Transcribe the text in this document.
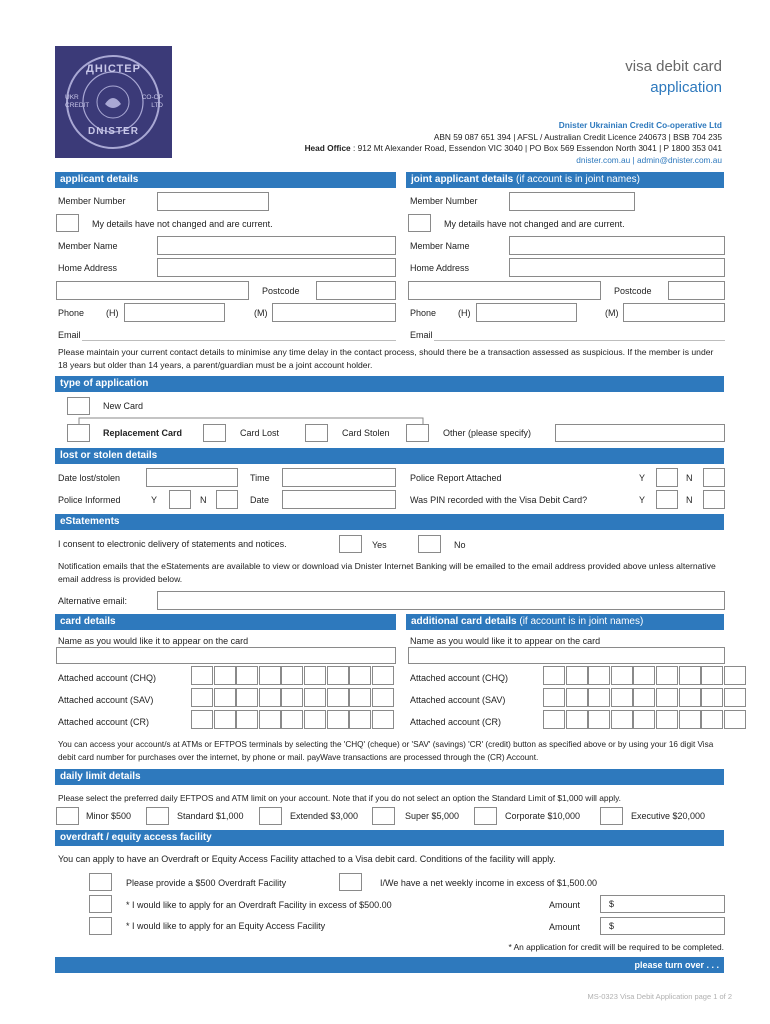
ДНІСТЕР
UKR CREDIT
CO-OP LTD
DNISTER
visa debit card
application
Dnister Ukrainian Credit Co-operative Ltd
ABN 59 087 651 394 | AFSL / Australian Credit Licence 240673 | BSB 704 235
Head Office : 912 Mt Alexander Road, Essendon VIC 3040 | PO Box 569 Essendon North 3041 | P 1800 353 041
dnister.com.au | admin@dnister.com.au
applicant details	joint applicant details (if account is in joint names)
Member Number
My details have not changed and are current.
Member Name
Home Address
Postcode
Phone (H)	(M)
Email
Member Number
My details have not changed and are current.
Member Name
Home Address
Postcode
Phone (H)	(M)
Email
Please maintain your current contact details to minimise any time delay in the contact process, should there be a transaction assessed as suspicious. If the member is under 18 years but older than 14 years, a parent/guardian must be a joint account holder.
type of application
New Card
Replacement Card	Card Lost	Card Stolen	Other (please specify)
lost or stolen details
Date lost/stolen	Time
Police Informed	Y	N	Date
Police Report Attached	Y	N
Was PIN recorded with the Visa Debit Card?	Y	N
eStatements
I consent to electronic delivery of statements and notices.	Yes	No
Notification emails that the eStatements are available to view or download via Dnister Internet Banking will be emailed to the email address provided above unless alternative email address is provided below.
Alternative email:
card details	additional card details (if account is in joint names)
Name as you would like it to appear on the card	Name as you would like it to appear on the card
Attached account (CHQ)
Attached account (SAV)
Attached account (CR)
Attached account (CHQ)
Attached account (SAV)
Attached account (CR)
You can access your account/s at ATMs or EFTPOS terminals by selecting the 'CHQ' (cheque) or 'SAV' (savings) 'CR' (credit) button as specified above or by using your 16 digit Visa debit card number for purchases over the internet, by phone or mail. payWave transactions are processed through the (CR) Account.
daily limit details
Please select the preferred daily EFTPOS and ATM limit on your account. Note that if you do not select an option the Standard Limit of $1,000 will apply.
Minor $500	Standard $1,000	Extended $3,000	Super $5,000	Corporate $10,000	Executive $20,000
overdraft / equity access facility
You can apply to have an Overdraft or Equity Access Facility attached to a Visa debit card. Conditions of the facility will apply.
Please provide a $500 Overdraft Facility	I/We have a net weekly income in excess of $1,500.00
* I would like to apply for an Overdraft Facility in excess of $500.00	Amount	$
* I would like to apply for an Equity Access Facility	Amount	$
* An application for credit will be required to be completed.
please turn over . . .
MS-0323 Visa Debit Application page 1 of 2
